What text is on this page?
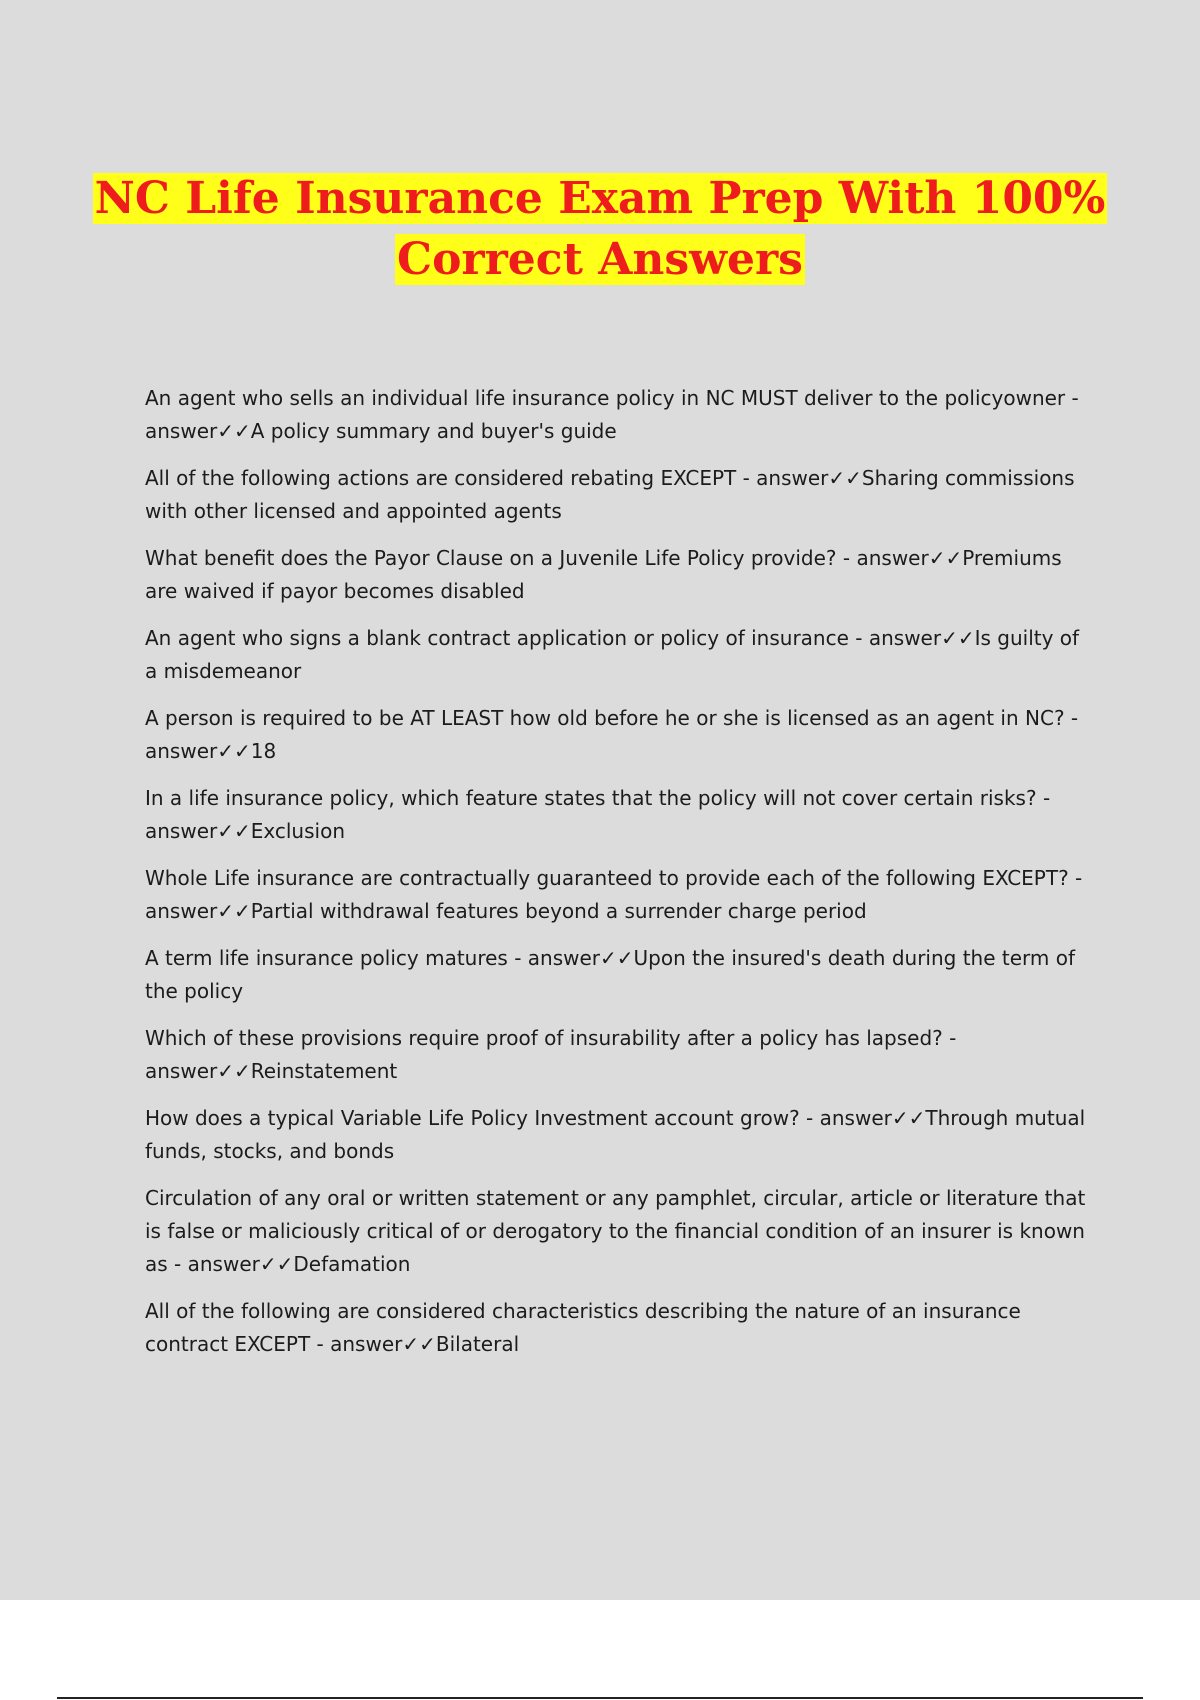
NC Life Insurance Exam Prep With 100%
Correct Answers
An agent who sells an individual life insurance policy in NC MUST deliver to the policyowner - answer✓✓A policy summary and buyer's guide
All of the following actions are considered rebating EXCEPT - answer✓✓Sharing commissions with other licensed and appointed agents
What benefit does the Payor Clause on a Juvenile Life Policy provide? - answer✓✓Premiums are waived if payor becomes disabled
An agent who signs a blank contract application or policy of insurance - answer✓✓Is guilty of a misdemeanor
A person is required to be AT LEAST how old before he or she is licensed as an agent in NC? - answer✓✓18
In a life insurance policy, which feature states that the policy will not cover certain risks? - answer✓✓Exclusion
Whole Life insurance are contractually guaranteed to provide each of the following EXCEPT? - answer✓✓Partial withdrawal features beyond a surrender charge period
A term life insurance policy matures - answer✓✓Upon the insured's death during the term of the policy
Which of these provisions require proof of insurability after a policy has lapsed? - answer✓✓Reinstatement
How does a typical Variable Life Policy Investment account grow? - answer✓✓Through mutual funds, stocks, and bonds
Circulation of any oral or written statement or any pamphlet, circular, article or literature that is false or maliciously critical of or derogatory to the financial condition of an insurer is known as - answer✓✓Defamation
All of the following are considered characteristics describing the nature of an insurance contract EXCEPT - answer✓✓Bilateral
